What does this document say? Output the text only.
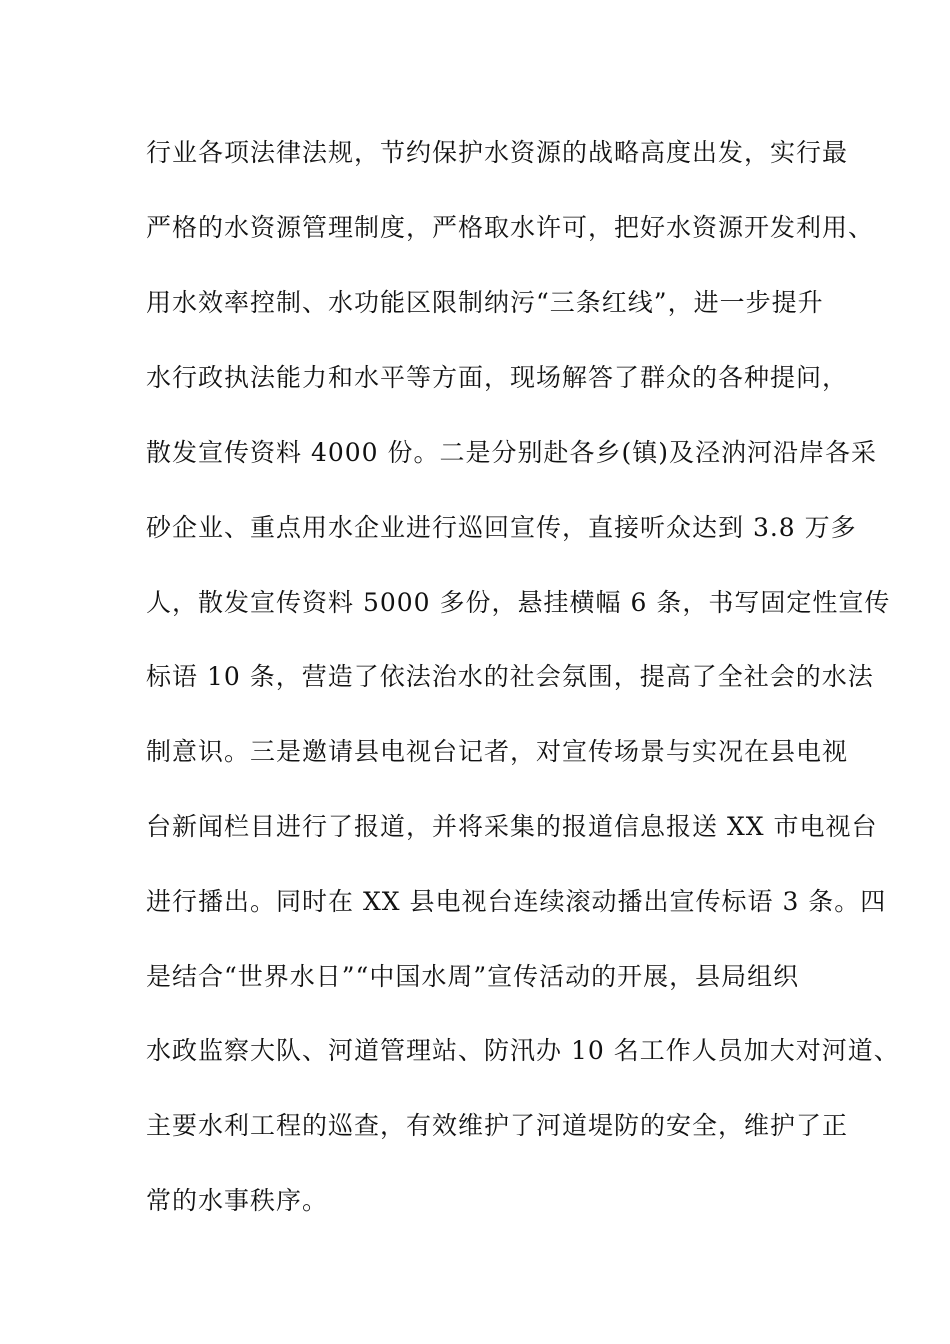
行业各项法律法规，节约保护水资源的战略高度出发，实行最
严格的水资源管理制度，严格取水许可，把好水资源开发利用、
用水效率控制、水功能区限制纳污“三条红线”，进一步提升
水行政执法能力和水平等方面，现场解答了群众的各种提问，
散发宣传资料 4000 份。二是分别赴各乡(镇)及泾汭河沿岸各采
砂企业、重点用水企业进行巡回宣传，直接听众达到 3.8 万多
人，散发宣传资料 5000 多份，悬挂横幅 6 条，书写固定性宣传
标语 10 条，营造了依法治水的社会氛围，提高了全社会的水法
制意识。三是邀请县电视台记者，对宣传场景与实况在县电视
台新闻栏目进行了报道，并将采集的报道信息报送 XX 市电视台
进行播出。同时在 XX 县电视台连续滚动播出宣传标语 3 条。四
是结合“世界水日”“中国水周”宣传活动的开展，县局组织
水政监察大队、河道管理站、防汛办 10 名工作人员加大对河道、
主要水利工程的巡查，有效维护了河道堤防的安全，维护了正
常的水事秩序。
